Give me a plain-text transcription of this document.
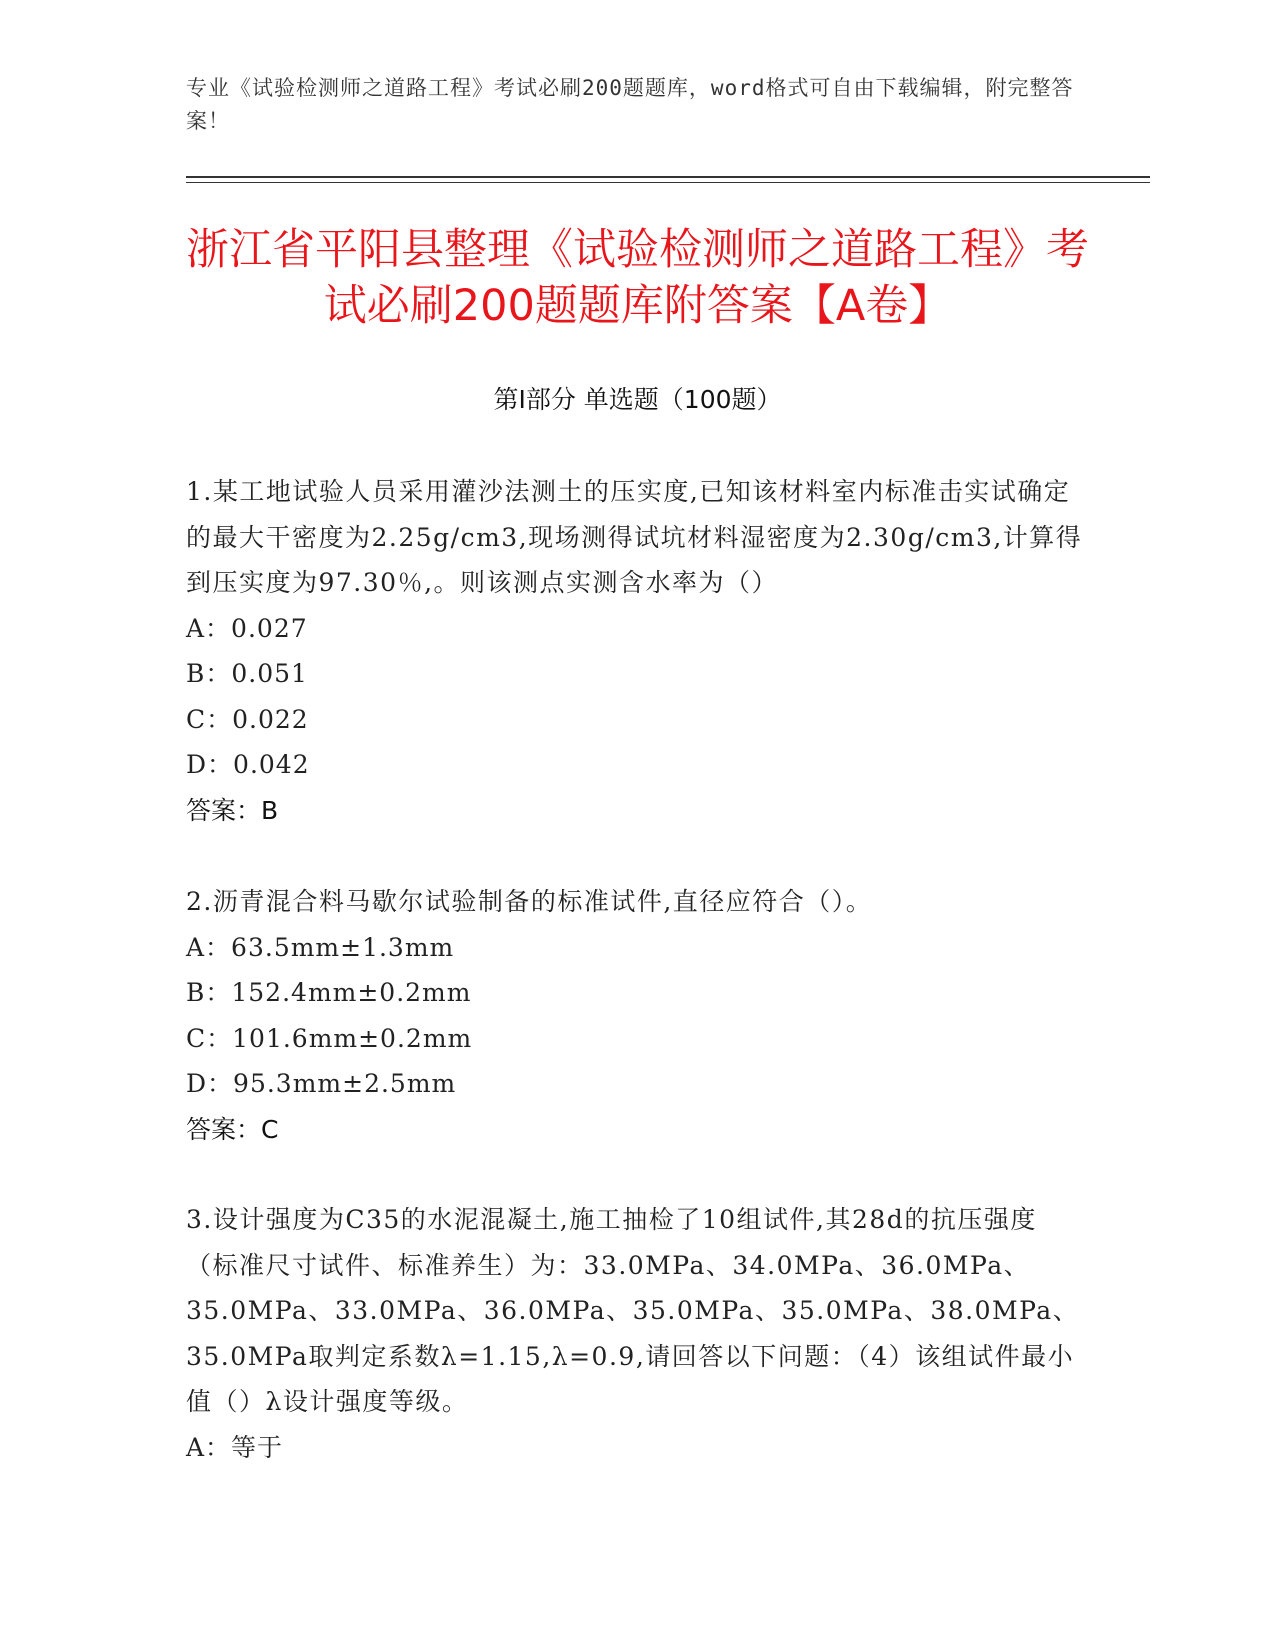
专业《试验检测师之道路工程》考试必刷200题题库，word格式可自由下载编辑，附完整答案！
浙江省平阳县整理《试验检测师之道路工程》考试必刷200题题库附答案【A卷】
第Ⅰ部分 单选题（100题）

1.某工地试验人员采用灌沙法测土的压实度,已知该材料室内标准击实试确定的最大干密度为2.25g/cm3,现场测得试坑材料湿密度为2.30g/cm3,计算得到压实度为97.30％,。则该测点实测含水率为（）

A：0.027

B：0.051

C：0.022

D：0.042

答案：B

2.沥青混合料马歇尔试验制备的标准试件,直径应符合（）。

A：63.5mm±1.3mm

B：152.4mm±0.2mm

C：101.6mm±0.2mm

D：95.3mm±2.5mm

答案：C

3.设计强度为C35的水泥混凝土,施工抽检了10组试件,其28d的抗压强度（标准尺寸试件、标准养生）为：33.0MPa、34.0MPa、36.0MPa、35.0MPa、33.0MPa、36.0MPa、35.0MPa、35.0MPa、38.0MPa、35.0MPa取判定系数λ=1.15,λ=0.9,请回答以下问题：（4）该组试件最小值（）λ设计强度等级。

A：等于
